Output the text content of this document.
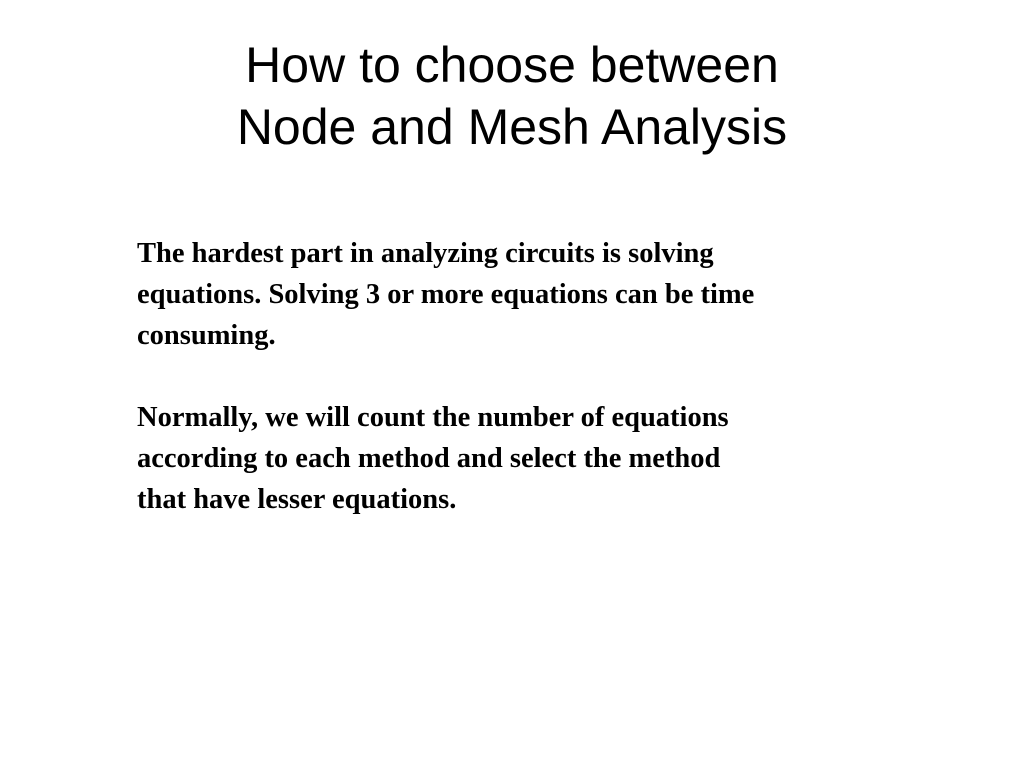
How to choose between
Node and Mesh Analysis

The hardest part in analyzing circuits is solving
equations. Solving 3 or more equations can be time
consuming.

Normally, we will count the number of equations
according to each method and select the method
that have lesser equations.
